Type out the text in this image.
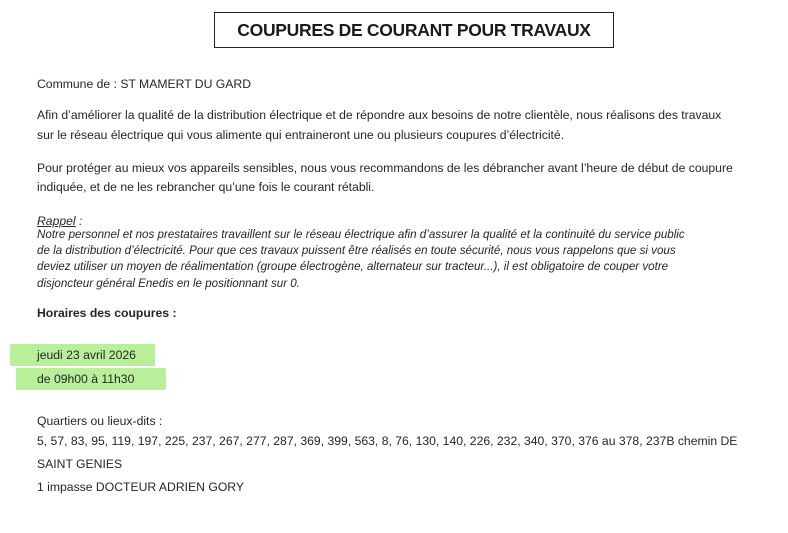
COUPURES DE COURANT POUR TRAVAUX
Commune de : ST MAMERT DU GARD
Afin d’améliorer la qualité de la distribution électrique et de répondre aux besoins de notre clientèle, nous réalisons des travaux
sur le réseau électrique qui vous alimente qui entraineront une ou plusieurs coupures d’électricité.
Pour protéger au mieux vos appareils sensibles, nous vous recommandons de les débrancher avant l’heure de début de coupure
indiquée, et de ne les rebrancher qu’une fois le courant rétabli.
Rappel :
Notre personnel et nos prestataires travaillent sur le réseau électrique afin d’assurer la qualité et la continuité du service public
de la distribution d’électricité. Pour que ces travaux puissent être réalisés en toute sécurité, nous vous rappelons que si vous
deviez utiliser un moyen de réalimentation (groupe électrogène, alternateur sur tracteur...), il est obligatoire de couper votre
disjoncteur général Enedis en le positionnant sur 0.
Horaires des coupures :
jeudi 23 avril 2026
de 09h00 à 11h30
Quartiers ou lieux-dits :
5, 57, 83, 95, 119, 197, 225, 237, 267, 277, 287, 369, 399, 563, 8, 76, 130, 140, 226, 232, 340, 370, 376 au 378, 237B chemin DE
SAINT GENIES
1 impasse DOCTEUR ADRIEN GORY
